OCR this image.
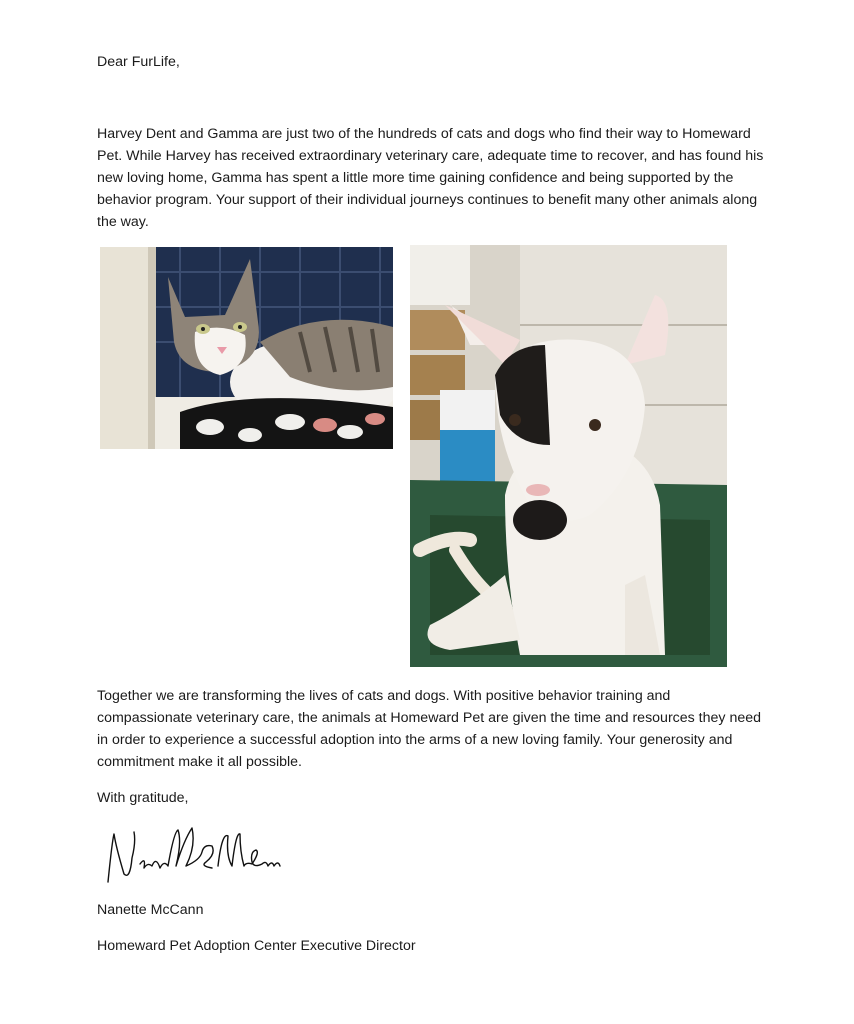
Dear FurLife,
Harvey Dent and Gamma are just two of the hundreds of cats and dogs who find their way to Homeward Pet. While Harvey has received extraordinary veterinary care, adequate time to recover, and has found his new loving home, Gamma has spent a little more time gaining confidence and being supported by the behavior program. Your support of their individual journeys continues to benefit many other animals along the way.
Together we are transforming the lives of cats and dogs. With positive behavior training and compassionate veterinary care, the animals at Homeward Pet are given the time and resources they need in order to experience a successful adoption into the arms of a new loving family. Your generosity and commitment make it all possible.
With gratitude,
Nanette McCann
Homeward Pet Adoption Center Executive Director
